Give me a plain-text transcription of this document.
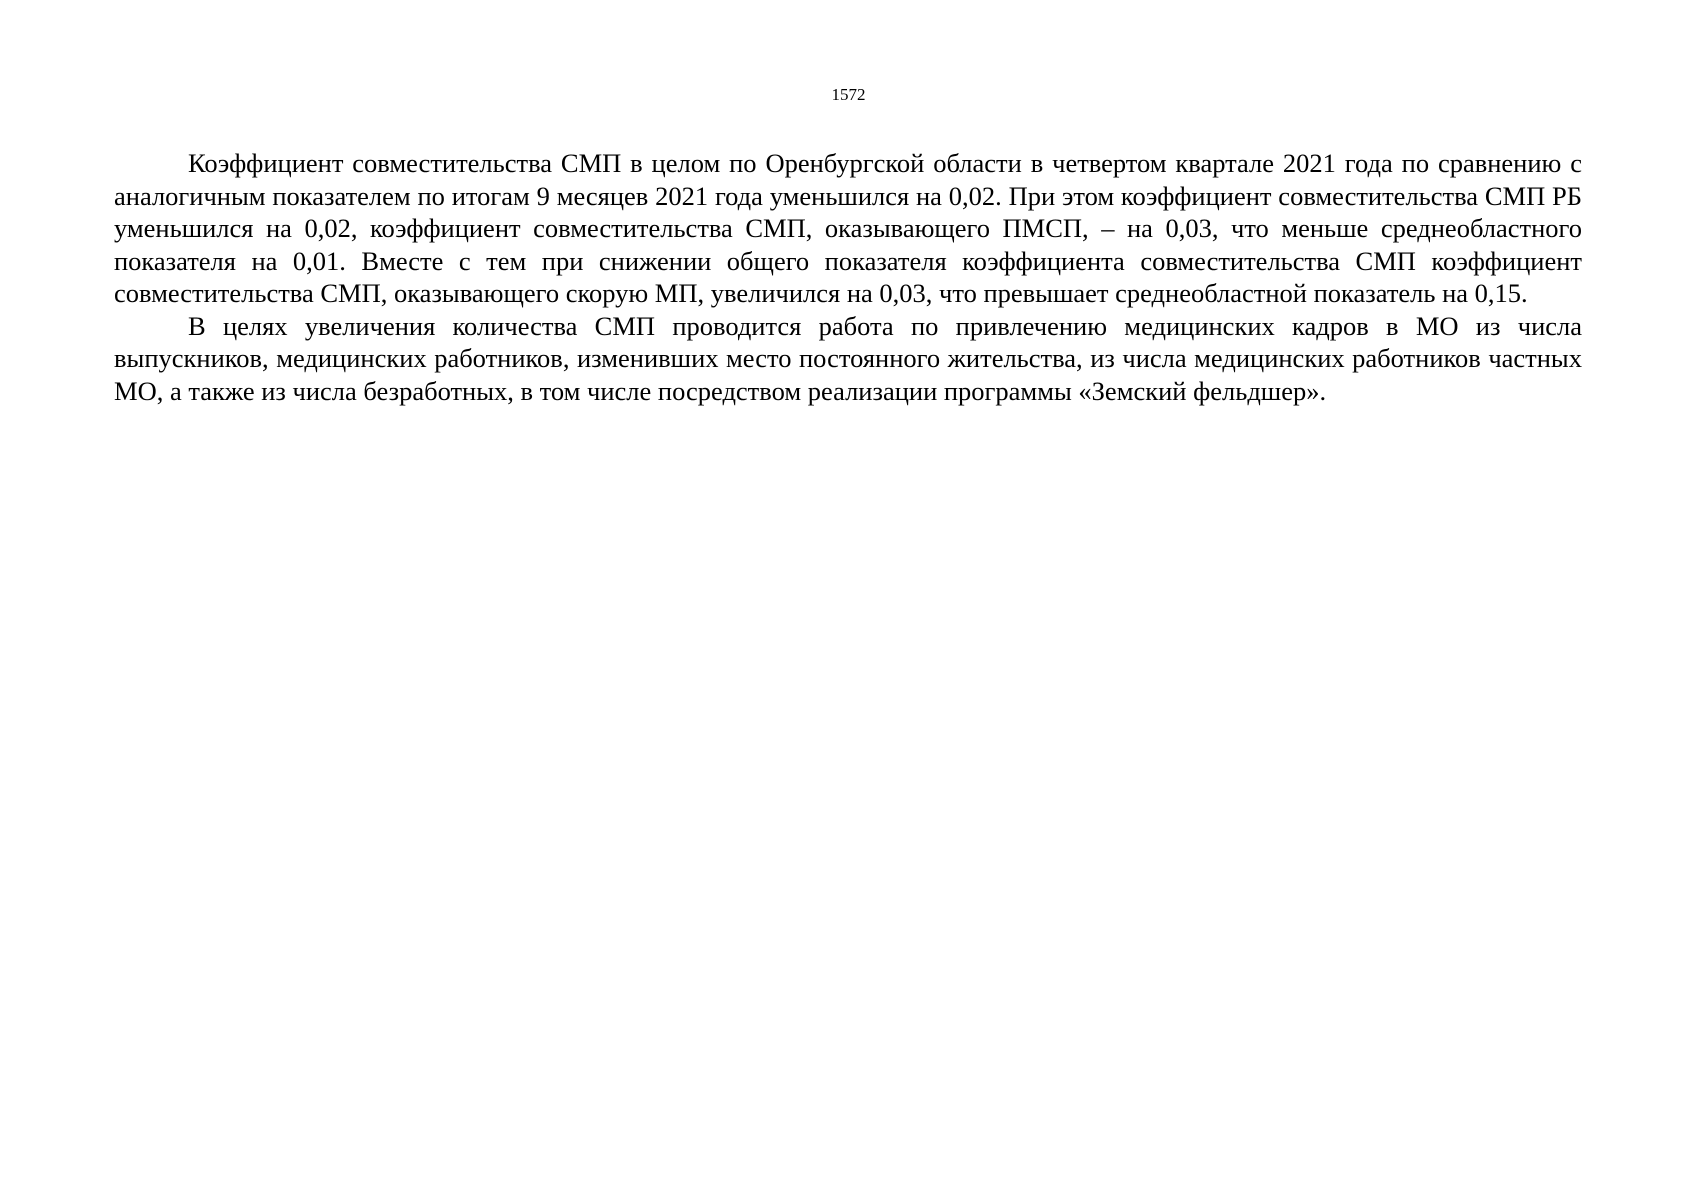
1572

Коэффициент совместительства СМП в целом по Оренбургской области в четвертом квартале 2021 года по сравнению с аналогичным показателем по итогам 9 месяцев 2021 года уменьшился на 0,02. При этом коэффициент совместительства СМП РБ уменьшился на 0,02, коэффициент совместительства СМП, оказывающего ПМСП, – на 0,03, что меньше среднеобластного показателя на 0,01. Вместе с тем при снижении общего показателя коэффициента совместительства СМП коэффициент совместительства СМП, оказывающего скорую МП, увеличился на 0,03, что превышает среднеобластной показатель на 0,15.

В целях увеличения количества СМП проводится работа по привлечению медицинских кадров в МО из числа выпускников, медицинских работников, изменивших место постоянного жительства, из числа медицинских работников частных МО, а также из числа безработных, в том числе посредством реализации программы «Земский фельдшер».
